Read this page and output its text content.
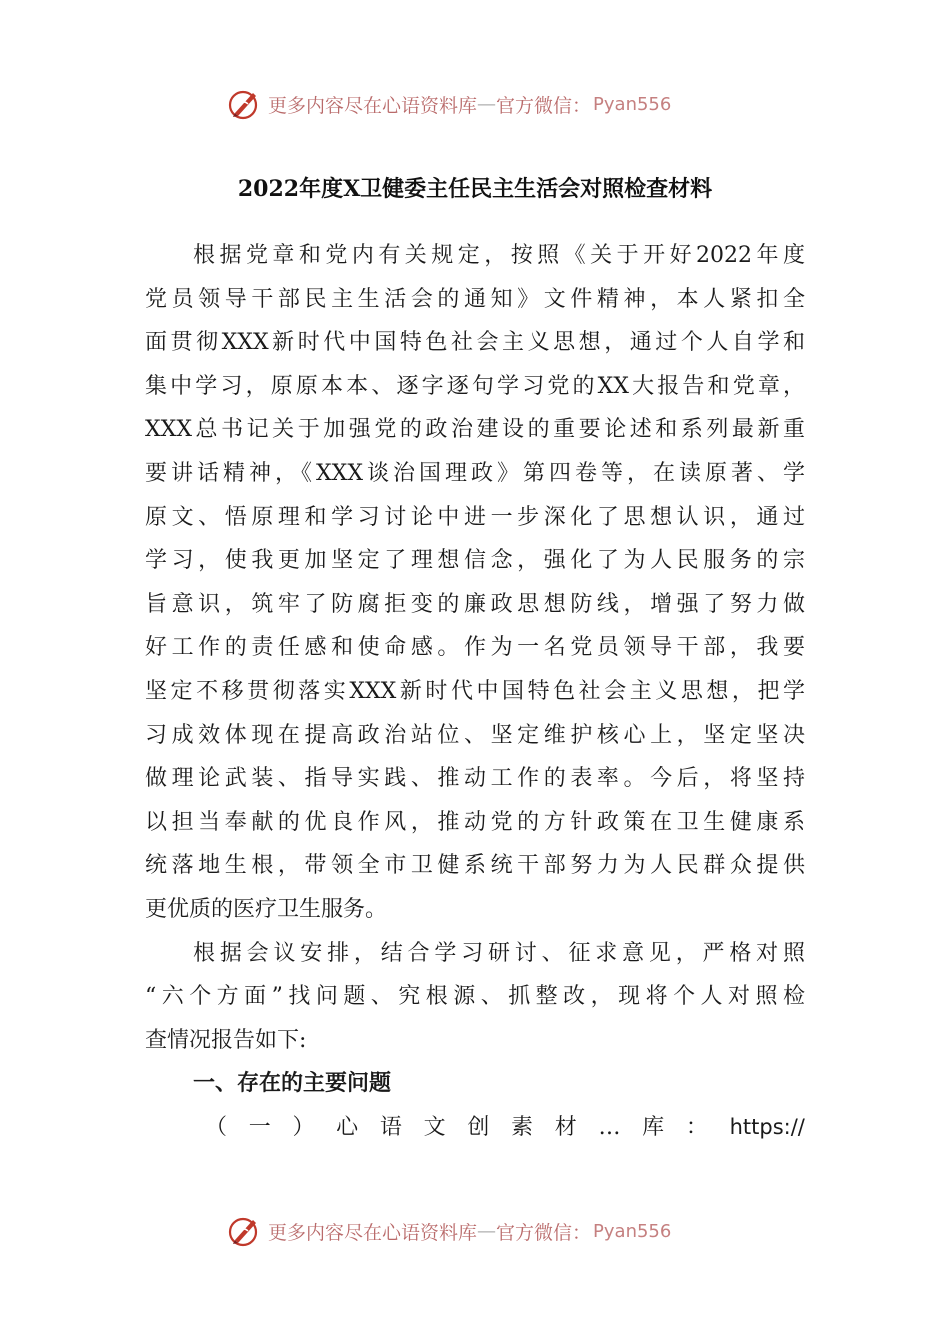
更多内容尽在心语资料库 — 官方微信： Pyan556
2022年度X卫健委主任民主生活会对照检查材料
根据党章和党内有关规定，按照《关于开好2022年度
党员领导干部民主生活会的通知》文件精神，本人紧扣全
面贯彻XXX新时代中国特色社会主义思想，通过个人自学和
集中学习，原原本本、逐字逐句学习党的XX大报告和党章，
XXX总书记关于加强党的政治建设的重要论述和系列最新重
要讲话精神，《XXX谈治国理政》第四卷等，在读原著、学
原文、悟原理和学习讨论中进一步深化了思想认识，通过
学习，使我更加坚定了理想信念，强化了为人民服务的宗
旨意识，筑牢了防腐拒变的廉政思想防线，增强了努力做
好工作的责任感和使命感。作为一名党员领导干部，我要
坚定不移贯彻落实XXX新时代中国特色社会主义思想，把学
习成效体现在提高政治站位、坚定维护核心上，坚定坚决
做理论武装、指导实践、推动工作的表率。今后，将坚持
以担当奉献的优良作风，推动党的方针政策在卫生健康系
统落地生根，带领全市卫健系统干部努力为人民群众提供
更优质的医疗卫生服务。
根据会议安排，结合学习研讨、征求意见，严格对照
“六个方面”找问题、究根源、抓整改，现将个人对照检
查情况报告如下:
一、存在的主要问题
（ 一 ） 心 语 文 创 素 材 … 库 ： https://
更多内容尽在心语资料库 — 官方微信： Pyan556
